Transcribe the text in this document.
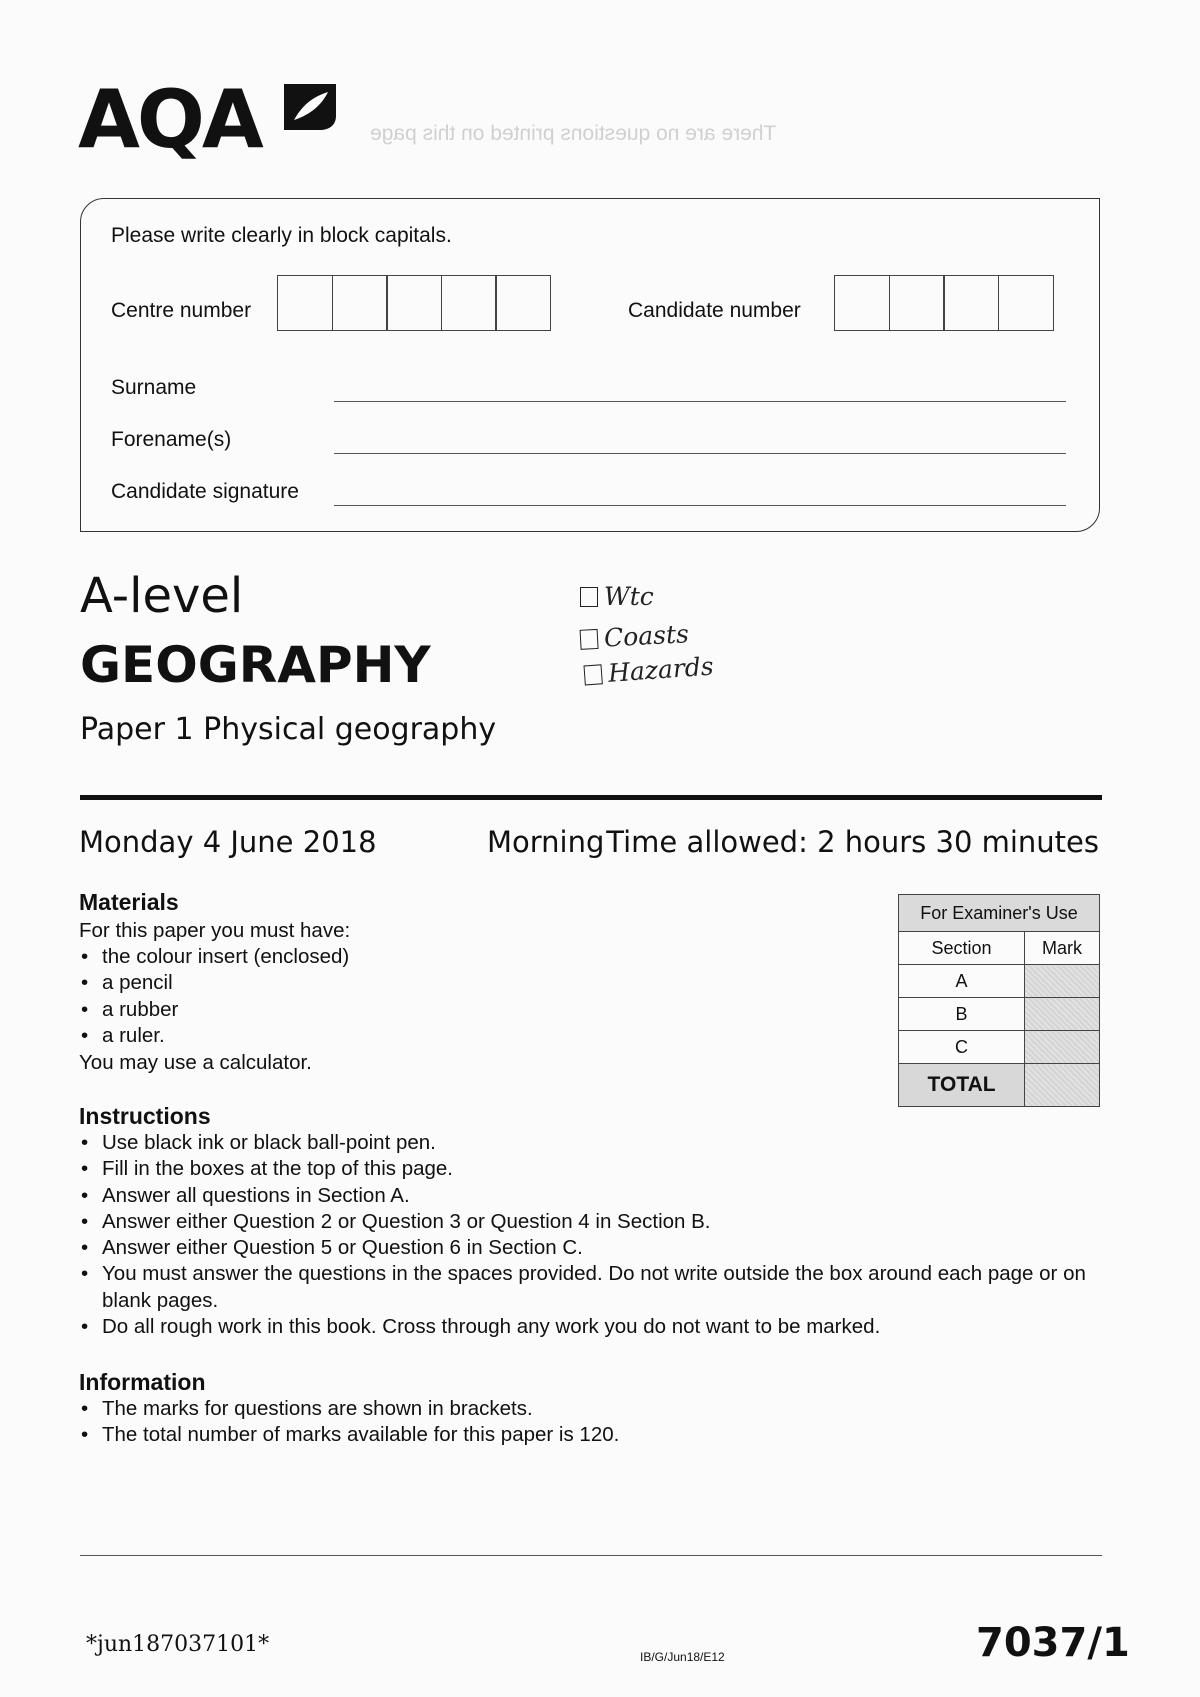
There are no questions printed on this page
AQA
Please write clearly in block capitals.
Centre number	Candidate number
Surname
Forename(s)
Candidate signature
A-level
GEOGRAPHY
Paper 1 Physical geography
Wtc
Coasts
Hazards
Monday 4 June 2018	Morning Time allowed: 2 hours 30 minutes
Materials
For this paper you must have:
• the colour insert (enclosed)
• a pencil
• a rubber
• a ruler.
You may use a calculator.
For Examiner's Use	
Section	Mark
A	
B	
C	
TOTAL	
Instructions
• Use black ink or black ball-point pen.
• Fill in the boxes at the top of this page.
• Answer all questions in Section A.
• Answer either Question 2 or Question 3 or Question 4 in Section B.
• Answer either Question 5 or Question 6 in Section C.
• You must answer the questions in the spaces provided. Do not write outside the box around each page or on blank pages.
• Do all rough work in this book. Cross through any work you do not want to be marked.
Information
• The marks for questions are shown in brackets.
• The total number of marks available for this paper is 120.
*jun187037101*	IB/G/Jun18/E12	7037/1
